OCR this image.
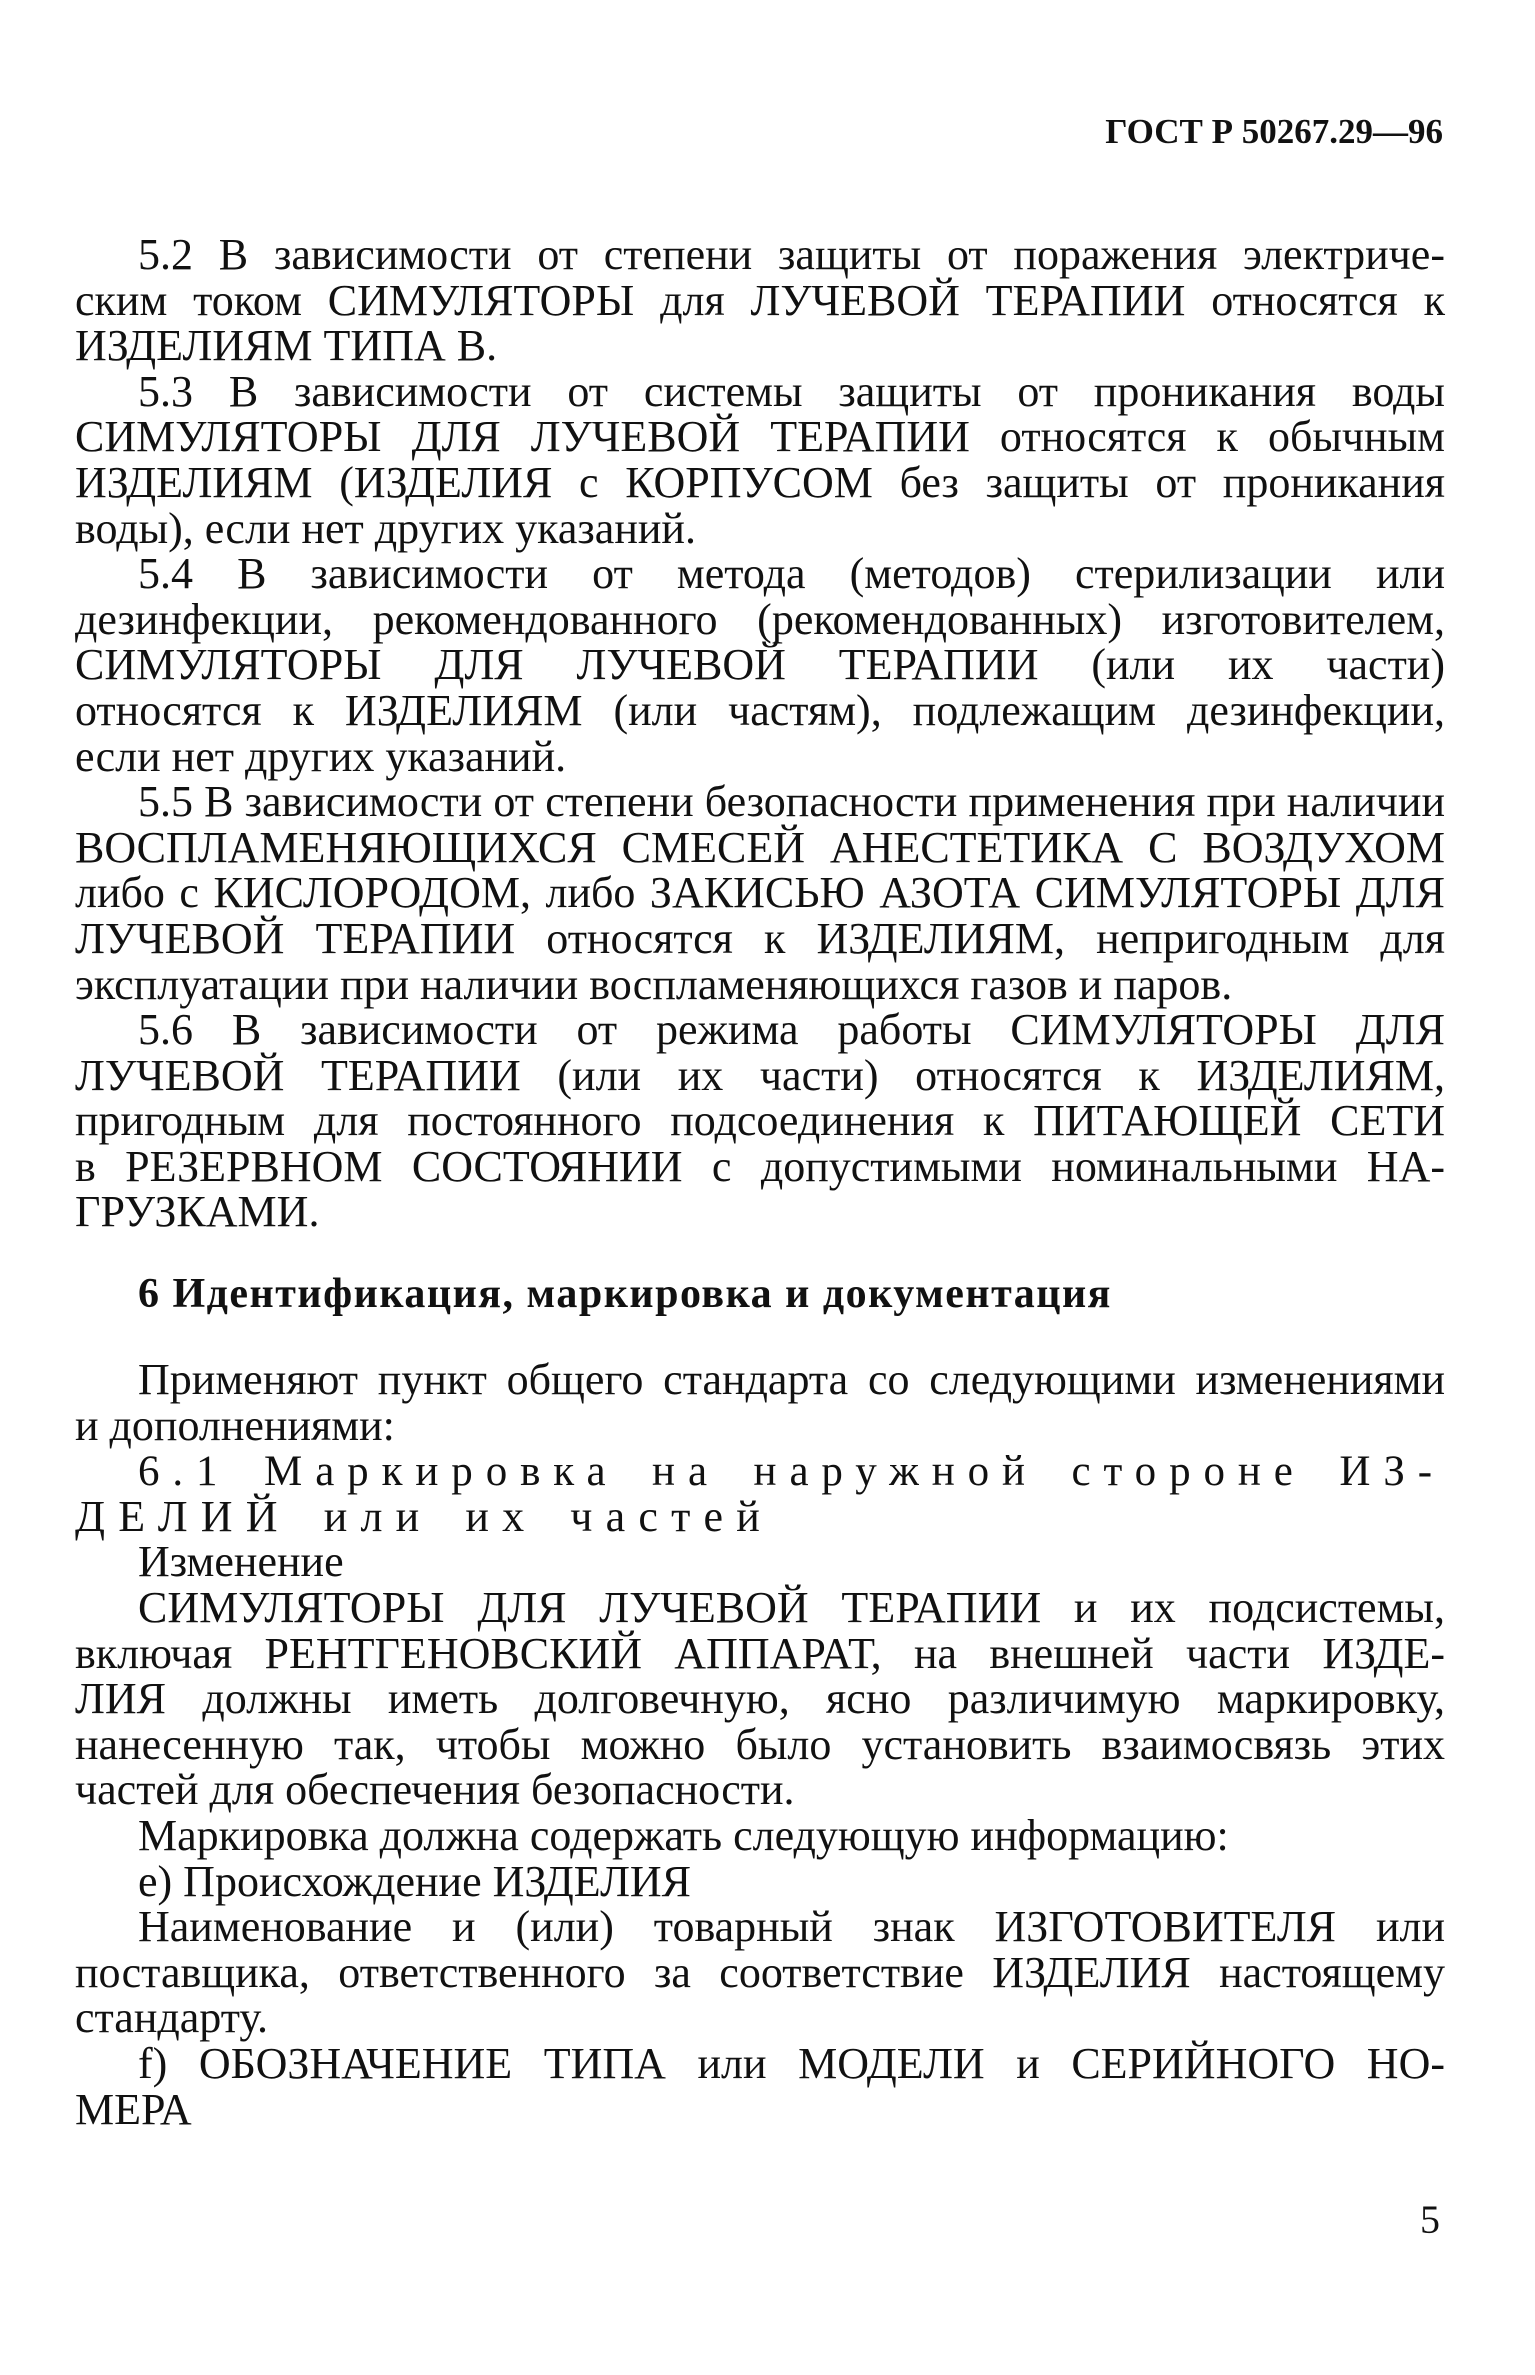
ГОСТ Р 50267.29—96
5.2 В зависимости от степени защиты от поражения электриче-
ским током СИМУЛЯТОРЫ для ЛУЧЕВОЙ ТЕРАПИИ относятся к
ИЗДЕЛИЯМ ТИПА В.
5.3 В зависимости от системы защиты от проникания воды
СИМУЛЯТОРЫ ДЛЯ ЛУЧЕВОЙ ТЕРАПИИ относятся к обычным
ИЗДЕЛИЯМ (ИЗДЕЛИЯ с КОРПУСОМ без защиты от проникания
воды), если нет других указаний.
5.4 В зависимости от метода (методов) стерилизации или
дезинфекции, рекомендованного (рекомендованных) изготовителем,
СИМУЛЯТОРЫ ДЛЯ ЛУЧЕВОЙ ТЕРАПИИ (или их части)
относятся к ИЗДЕЛИЯМ (или частям), подлежащим дезинфекции,
если нет других указаний.
5.5 В зависимости от степени безопасности применения при наличии
ВОСПЛАМЕНЯЮЩИХСЯ СМЕСЕЙ АНЕСТЕТИКА С ВОЗДУХОМ
либо с КИСЛОРОДОМ, либо ЗАКИСЬЮ АЗОТА СИМУЛЯТОРЫ ДЛЯ
ЛУЧЕВОЙ ТЕРАПИИ относятся к ИЗДЕЛИЯМ, непригодным для
эксплуатации при наличии воспламеняющихся газов и паров.
5.6 В зависимости от режима работы СИМУЛЯТОРЫ ДЛЯ
ЛУЧЕВОЙ ТЕРАПИИ (или их части) относятся к ИЗДЕЛИЯМ,
пригодным для постоянного подсоединения к ПИТАЮЩЕЙ СЕТИ
в РЕЗЕРВНОМ СОСТОЯНИИ с допустимыми номинальными НА-
ГРУЗКАМИ.
6 Идентификация, маркировка и документация
Применяют пункт общего стандарта со следующими изменениями
и дополнениями:
6.1 Маркировка на наружной стороне ИЗ-
ДЕЛИЙ или их частей
Изменение
СИМУЛЯТОРЫ ДЛЯ ЛУЧЕВОЙ ТЕРАПИИ и их подсистемы,
включая РЕНТГЕНОВСКИЙ АППАРАТ, на внешней части ИЗДЕ-
ЛИЯ должны иметь долговечную, ясно различимую маркировку,
нанесенную так, чтобы можно было установить взаимосвязь этих
частей для обеспечения безопасности.
Маркировка должна содержать следующую информацию:
e) Происхождение ИЗДЕЛИЯ
Наименование и (или) товарный знак ИЗГОТОВИТЕЛЯ или
поставщика, ответственного за соответствие ИЗДЕЛИЯ настоящему
стандарту.
f) ОБОЗНАЧЕНИЕ ТИПА или МОДЕЛИ и СЕРИЙНОГО НО-
МЕРА
5
